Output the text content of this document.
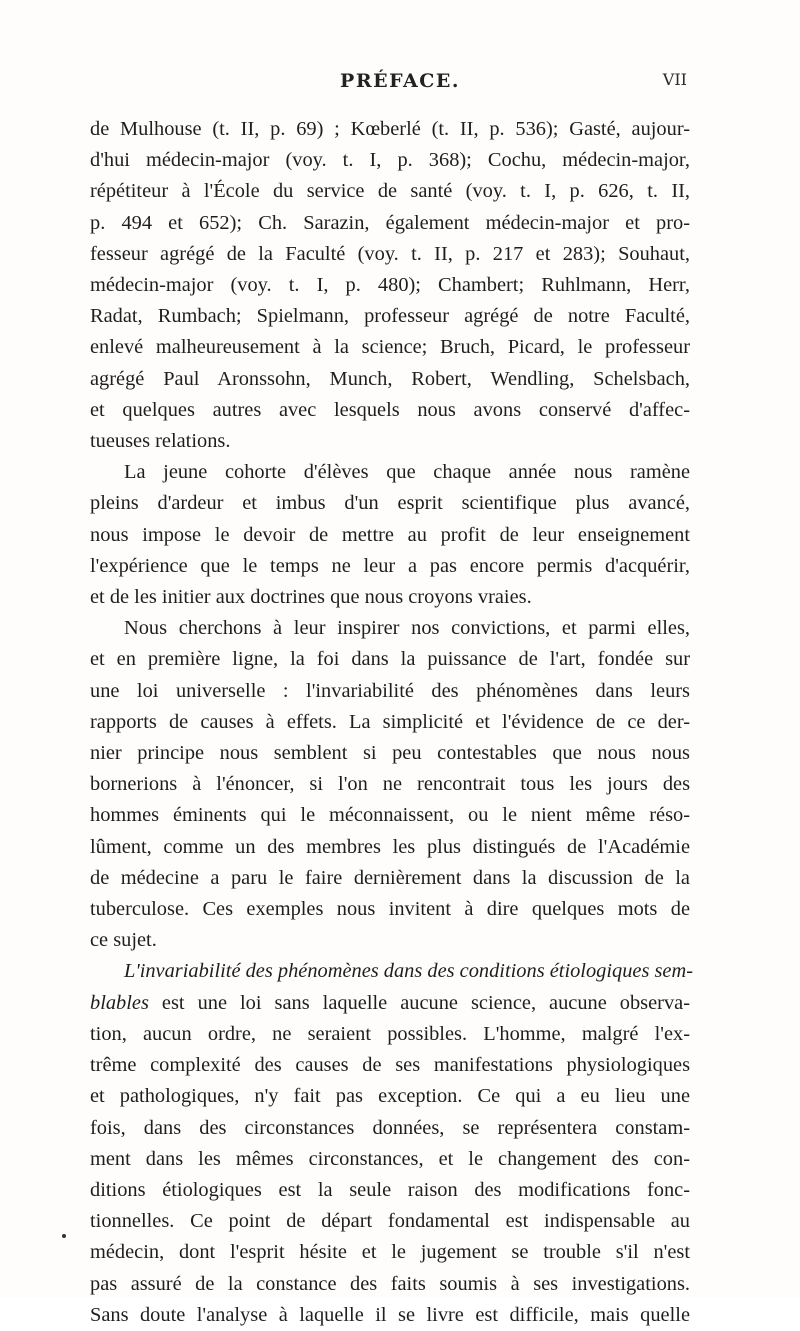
PRÉFACE.	VII
de Mulhouse (t. II, p. 69) ; Kœberlé (t. II, p. 536); Gasté, aujour-
d'hui médecin-major (voy. t. I, p. 368); Cochu, médecin-major,
répétiteur à l'École du service de santé (voy. t. I, p. 626, t. II,
p. 494 et 652); Ch. Sarazin, également médecin-major et pro-
fesseur agrégé de la Faculté (voy. t. II, p. 217 et 283); Souhaut,
médecin-major (voy. t. I, p. 480); Chambert; Ruhlmann, Herr,
Radat, Rumbach; Spielmann, professeur agrégé de notre Faculté,
enlevé malheureusement à la science; Bruch, Picard, le professeur
agrégé Paul Aronssohn, Munch, Robert, Wendling, Schelsbach,
et quelques autres avec lesquels nous avons conservé d'affec-
tueuses relations.
La jeune cohorte d'élèves que chaque année nous ramène
pleins d'ardeur et imbus d'un esprit scientifique plus avancé,
nous impose le devoir de mettre au profit de leur enseignement
l'expérience que le temps ne leur a pas encore permis d'acquérir,
et de les initier aux doctrines que nous croyons vraies.
Nous cherchons à leur inspirer nos convictions, et parmi elles,
et en première ligne, la foi dans la puissance de l'art, fondée sur
une loi universelle : l'invariabilité des phénomènes dans leurs
rapports de causes à effets. La simplicité et l'évidence de ce der-
nier principe nous semblent si peu contestables que nous nous
bornerions à l'énoncer, si l'on ne rencontrait tous les jours des
hommes éminents qui le méconnaissent, ou le nient même réso-
lûment, comme un des membres les plus distingués de l'Académie
de médecine a paru le faire dernièrement dans la discussion de la
tuberculose. Ces exemples nous invitent à dire quelques mots de
ce sujet.
L'invariabilité des phénomènes dans des conditions étiologiques sem-
blables est une loi sans laquelle aucune science, aucune observa-
tion, aucun ordre, ne seraient possibles. L'homme, malgré l'ex-
trême complexité des causes de ses manifestations physiologiques
et pathologiques, n'y fait pas exception. Ce qui a eu lieu une
fois, dans des circonstances données, se représentera constam-
ment dans les mêmes circonstances, et le changement des con-
ditions étiologiques est la seule raison des modifications fonc-
tionnelles. Ce point de départ fondamental est indispensable au
médecin, dont l'esprit hésite et le jugement se trouble s'il n'est
pas assuré de la constance des faits soumis à ses investigations.
Sans doute l'analyse à laquelle il se livre est difficile, mais quelle
